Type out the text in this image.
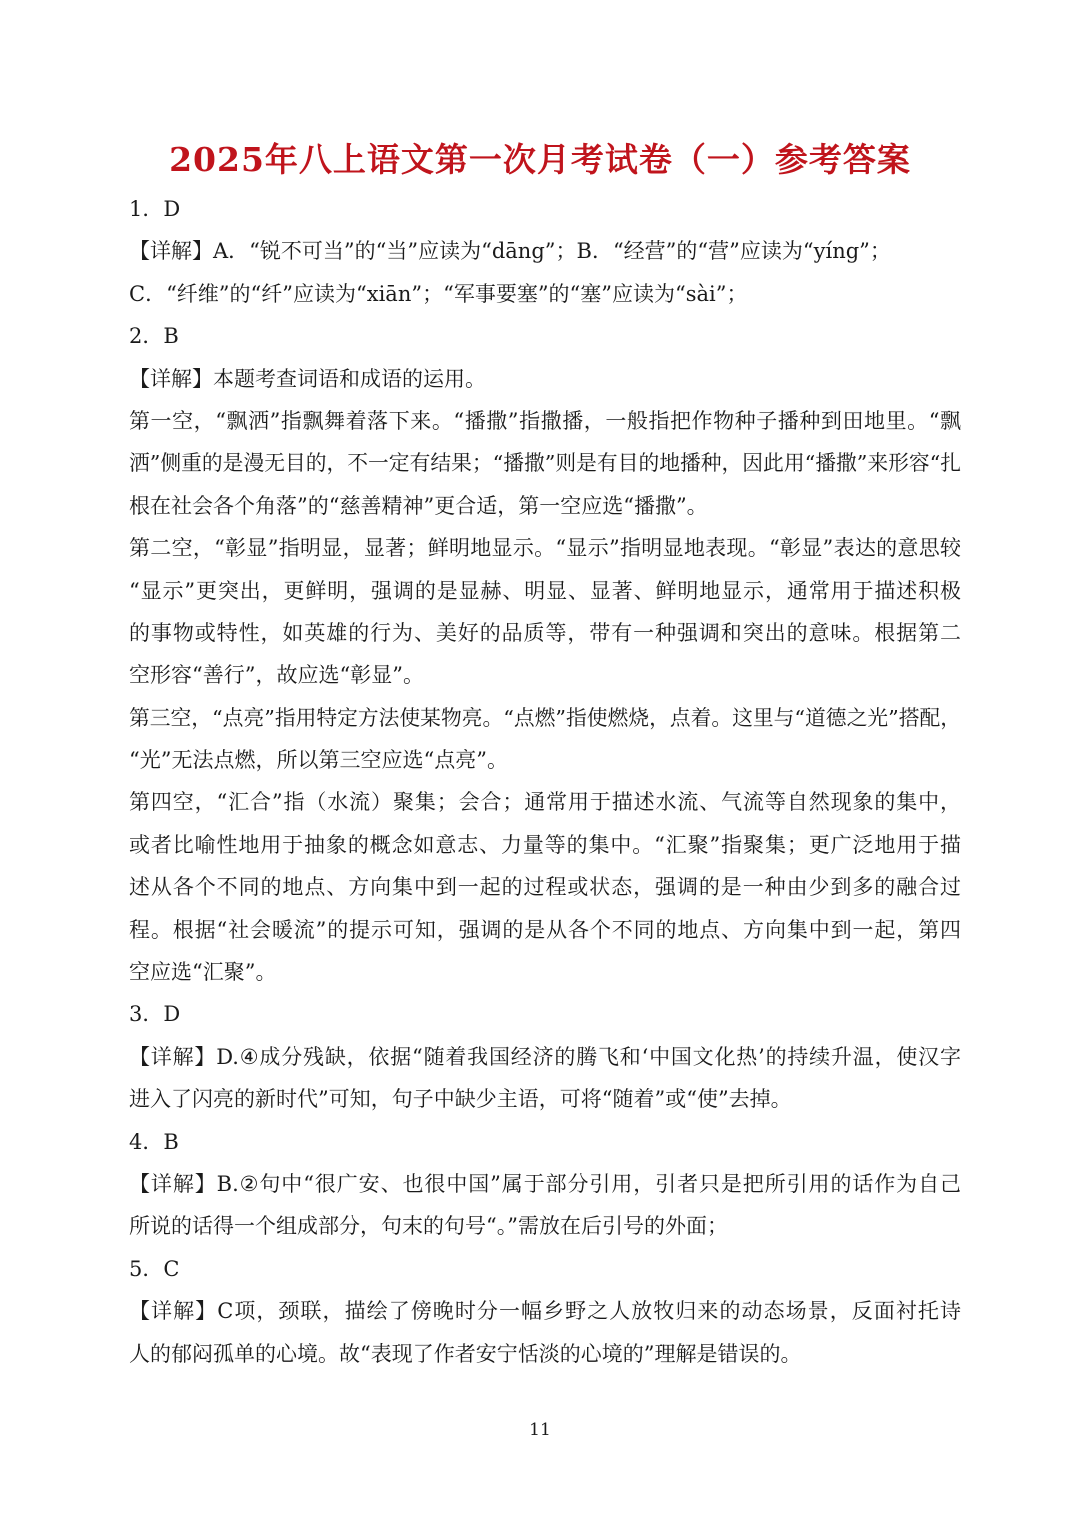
2025年八上语文第一次月考试卷（一）参考答案
1．D
【详解】A．“锐不可当”的“当”应读为“dāng”；B．“经营”的“营”应读为“yíng”；
C．“纤维”的“纤”应读为“xiān”；“军事要塞”的“塞”应读为“sài”；
2．B
【详解】本题考查词语和成语的运用。
第一空，“飘洒”指飘舞着落下来。“播撒”指撒播，一般指把作物种子播种到田地里。“飘
洒”侧重的是漫无目的，不一定有结果；“播撒”则是有目的地播种，因此用“播撒”来形容“扎
根在社会各个角落”的“慈善精神”更合适，第一空应选“播撒”。
第二空，“彰显”指明显，显著；鲜明地显示。“显示”指明显地表现。“彰显”表达的意思较
“显示”更突出，更鲜明，强调的是显赫、明显、显著、鲜明地显示，通常用于描述积极
的事物或特性，如英雄的行为、美好的品质等，带有一种强调和突出的意味。根据第二
空形容“善行”，故应选“彰显”。
第三空，“点亮”指用特定方法使某物亮。“点燃”指使燃烧，点着。这里与“道德之光”搭配，
“光”无法点燃，所以第三空应选“点亮”。
第四空，“汇合”指（水流）聚集；会合；通常用于描述水流、气流等自然现象的集中，
或者比喻性地用于抽象的概念如意志、力量等的集中。“汇聚”指聚集；更广泛地用于描
述从各个不同的地点、方向集中到一起的过程或状态，强调的是一种由少到多的融合过
程。根据“社会暖流”的提示可知，强调的是从各个不同的地点、方向集中到一起，第四
空应选“汇聚”。
3．D
【详解】D.④成分残缺，依据“随着我国经济的腾飞和‘中国文化热’的持续升温，使汉字
进入了闪亮的新时代”可知，句子中缺少主语，可将“随着”或“使”去掉。
4．B
【详解】B.②句中“很广安、也很中国”属于部分引用，引者只是把所引用的话作为自己
所说的话得一个组成部分，句末的句号“。”需放在后引号的外面；
5．C
【详解】C项，颈联，描绘了傍晚时分一幅乡野之人放牧归来的动态场景，反面衬托诗
人的郁闷孤单的心境。故“表现了作者安宁恬淡的心境的”理解是错误的。
11
